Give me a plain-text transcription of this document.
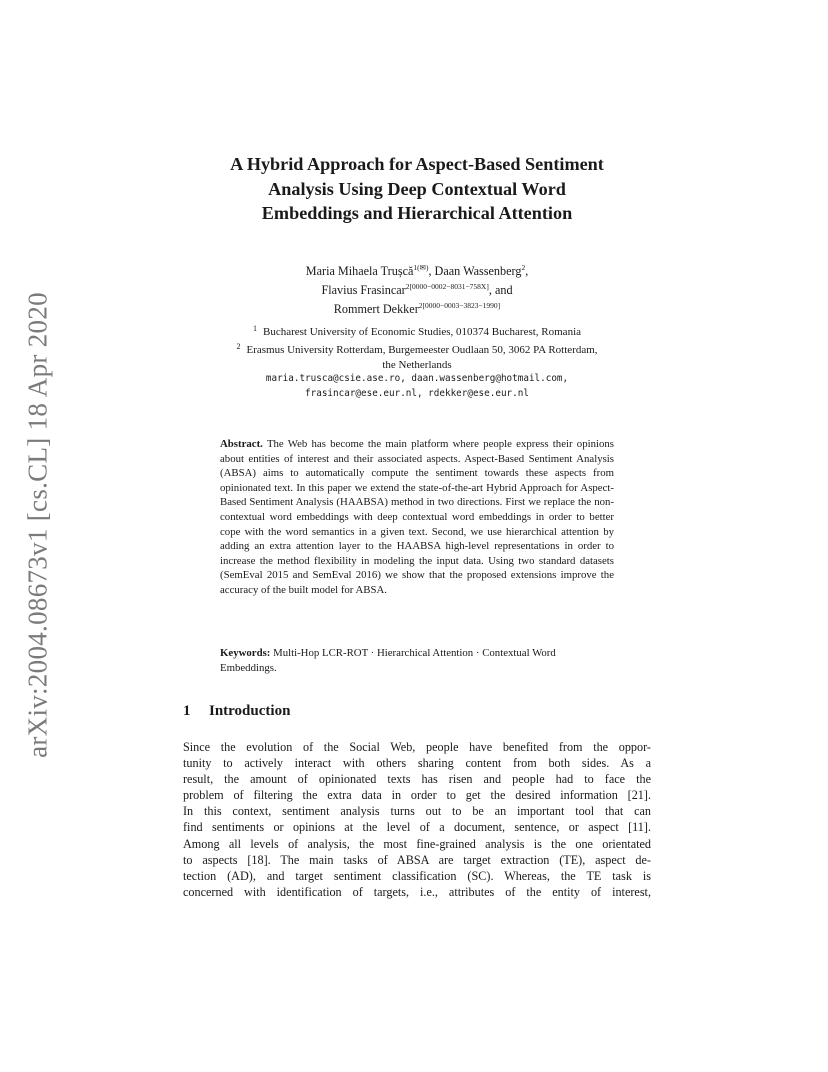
arXiv:2004.08673v1 [cs.CL] 18 Apr 2020
A Hybrid Approach for Aspect-Based Sentiment
Analysis Using Deep Contextual Word
Embeddings and Hierarchical Attention
Maria Mihaela Trușcă$^{1(✉)}$, Daan Wassenberg$^2$,
Flavius Frasincar$^{2[0000-0002-8031-758X]}$, and
Rommert Dekker$^{2[0000-0003-3823-1990]}$
$^1$ Bucharest University of Economic Studies, 010374 Bucharest, Romania
$^2$ Erasmus University Rotterdam, Burgemeester Oudlaan 50, 3062 PA Rotterdam,
the Netherlands
maria.trusca@csie.ase.ro, daan.wassenberg@hotmail.com,
frasincar@ese.eur.nl, rdekker@ese.eur.nl
Abstract. The Web has become the main platform where people express their opinions about entities of interest and their associated aspects. Aspect-Based Sentiment Analysis (ABSA) aims to automatically compute the sentiment towards these aspects from opinionated text. In this paper we extend the state-of-the-art Hybrid Approach for Aspect-Based Sentiment Analysis (HAABSA) method in two directions. First we replace the non-contextual word embeddings with deep contextual word embeddings in order to better cope with the word semantics in a given text. Second, we use hierarchical attention by adding an extra attention layer to the HAABSA high-level representations in order to increase the method flexibility in modeling the input data. Using two standard datasets (SemEval 2015 and SemEval 2016) we show that the proposed extensions improve the accuracy of the built model for ABSA.
Keywords: Multi-Hop LCR-ROT · Hierarchical Attention · Contextual Word Embeddings.
1 Introduction
Since the evolution of the Social Web, people have benefited from the oppor-
tunity to actively interact with others sharing content from both sides. As a
result, the amount of opinionated texts has risen and people had to face the
problem of filtering the extra data in order to get the desired information [21].
In this context, sentiment analysis turns out to be an important tool that can
find sentiments or opinions at the level of a document, sentence, or aspect [11].
Among all levels of analysis, the most fine-grained analysis is the one orientated
to aspects [18]. The main tasks of ABSA are target extraction (TE), aspect de-
tection (AD), and target sentiment classification (SC). Whereas, the TE task is
concerned with identification of targets, i.e., attributes of the entity of interest,
